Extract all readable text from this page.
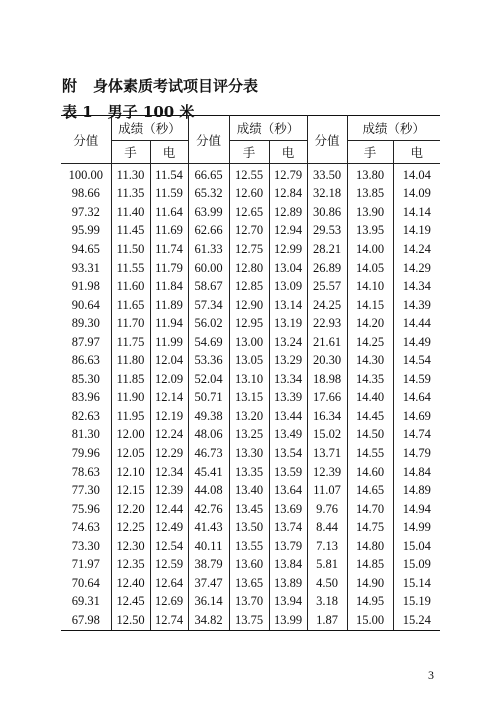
附 身体素质考试项目评分表
表 1　男子 100 米
分值	成绩（秒）		分值	成绩（秒）		分值	成绩（秒）	
	手	电		手	电		手	电
100.00	11.30	11.54	66.65	12.55	12.79	33.50	13.80	14.04
98.66	11.35	11.59	65.32	12.60	12.84	32.18	13.85	14.09
97.32	11.40	11.64	63.99	12.65	12.89	30.86	13.90	14.14
95.99	11.45	11.69	62.66	12.70	12.94	29.53	13.95	14.19
94.65	11.50	11.74	61.33	12.75	12.99	28.21	14.00	14.24
93.31	11.55	11.79	60.00	12.80	13.04	26.89	14.05	14.29
91.98	11.60	11.84	58.67	12.85	13.09	25.57	14.10	14.34
90.64	11.65	11.89	57.34	12.90	13.14	24.25	14.15	14.39
89.30	11.70	11.94	56.02	12.95	13.19	22.93	14.20	14.44
87.97	11.75	11.99	54.69	13.00	13.24	21.61	14.25	14.49
86.63	11.80	12.04	53.36	13.05	13.29	20.30	14.30	14.54
85.30	11.85	12.09	52.04	13.10	13.34	18.98	14.35	14.59
83.96	11.90	12.14	50.71	13.15	13.39	17.66	14.40	14.64
82.63	11.95	12.19	49.38	13.20	13.44	16.34	14.45	14.69
81.30	12.00	12.24	48.06	13.25	13.49	15.02	14.50	14.74
79.96	12.05	12.29	46.73	13.30	13.54	13.71	14.55	14.79
78.63	12.10	12.34	45.41	13.35	13.59	12.39	14.60	14.84
77.30	12.15	12.39	44.08	13.40	13.64	11.07	14.65	14.89
75.96	12.20	12.44	42.76	13.45	13.69	9.76	14.70	14.94
74.63	12.25	12.49	41.43	13.50	13.74	8.44	14.75	14.99
73.30	12.30	12.54	40.11	13.55	13.79	7.13	14.80	15.04
71.97	12.35	12.59	38.79	13.60	13.84	5.81	14.85	15.09
70.64	12.40	12.64	37.47	13.65	13.89	4.50	14.90	15.14
69.31	12.45	12.69	36.14	13.70	13.94	3.18	14.95	15.19
67.98	12.50	12.74	34.82	13.75	13.99	1.87	15.00	15.24
3
